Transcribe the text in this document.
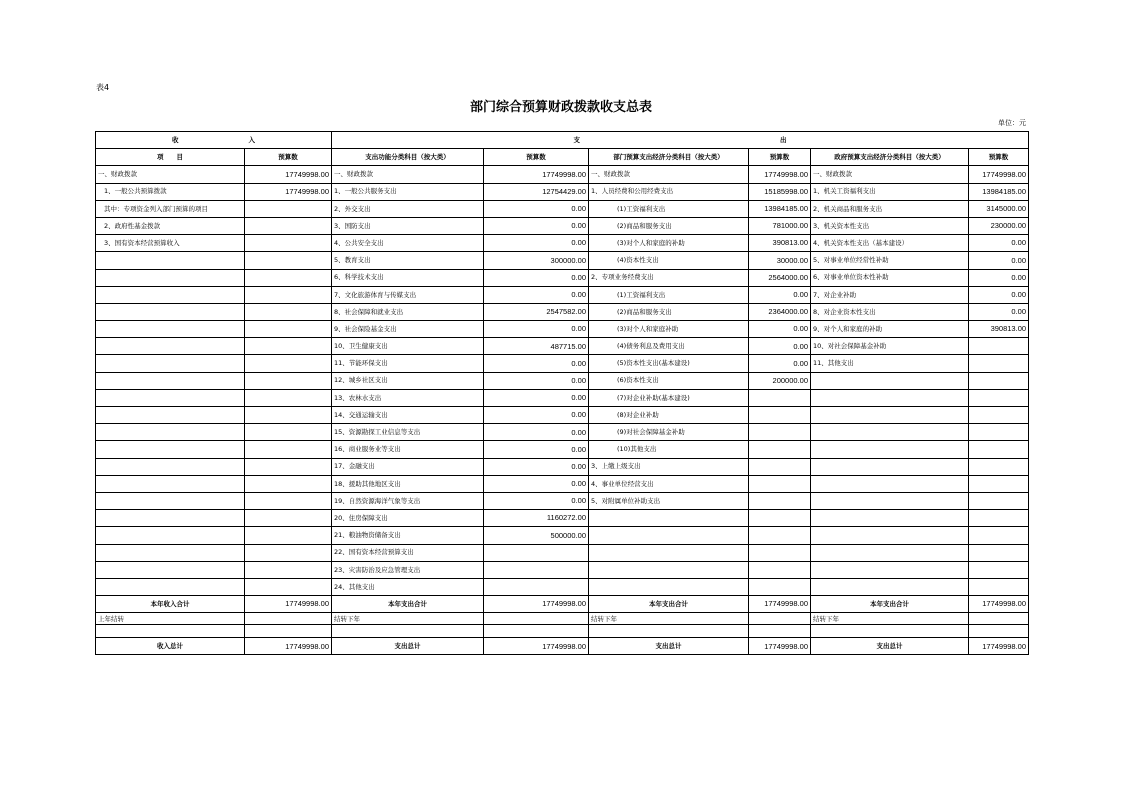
表4
部门综合预算财政拨款收支总表
单位：元
收 入		支 出					
项　　目	预算数	支出功能分类科目（按大类）	预算数	部门预算支出经济分类科目（按大类）	预算数	政府预算支出经济分类科目（按大类）	预算数
一、财政拨款	17749998.00	一、财政拨款	17749998.00	一、财政拨款	17749998.00	一、财政拨款	17749998.00
1、一般公共预算拨款	17749998.00	1、一般公共服务支出	12754429.00	1、人员经费和公用经费支出	15185998.00	1、机关工资福利支出	13984185.00
其中：专项资金列入部门预算的项目		2、外交支出	0.00	(1)工资福利支出	13984185.00	2、机关商品和服务支出	3145000.00
2、政府性基金拨款		3、国防支出	0.00	(2)商品和服务支出	781000.00	3、机关资本性支出	230000.00
3、国有资本经营预算收入		4、公共安全支出	0.00	(3)对个人和家庭的补助	390813.00	4、机关资本性支出（基本建设）	0.00
		5、教育支出	300000.00	(4)资本性支出	30000.00	5、对事业单位经常性补助	0.00
		6、科学技术支出	0.00	2、专项业务经费支出	2564000.00	6、对事业单位资本性补助	0.00
		7、文化旅游体育与传媒支出	0.00	(1)工资福利支出	0.00	7、对企业补助	0.00
		8、社会保障和就业支出	2547582.00	(2)商品和服务支出	2364000.00	8、对企业资本性支出	0.00
		9、社会保险基金支出	0.00	(3)对个人和家庭补助	0.00	9、对个人和家庭的补助	390813.00
		10、卫生健康支出	487715.00	(4)债务利息及费用支出	0.00	10、对社会保障基金补助	
		11、节能环保支出	0.00	(5)资本性支出(基本建设)	0.00	11、其他支出	
		12、城乡社区支出	0.00	(6)资本性支出	200000.00		
		13、农林水支出	0.00	(7)对企业补助(基本建设)			
		14、交通运输支出	0.00	(8)对企业补助			
		15、资源勘探工业信息等支出	0.00	(9)对社会保障基金补助			
		16、商业服务业等支出	0.00	(10)其他支出			
		17、金融支出	0.00	3、上缴上级支出			
		18、援助其他地区支出	0.00	4、事业单位经营支出			
		19、自然资源海洋气象等支出	0.00	5、对附属单位补助支出			
		20、住房保障支出	1160272.00				
		21、粮油物资储备支出	500000.00				
		22、国有资本经营预算支出					
		23、灾害防治及应急管理支出					
		24、其他支出					
本年收入合计	17749998.00	本年支出合计	17749998.00	本年支出合计	17749998.00	本年支出合计	17749998.00
上年结转		结转下年		结转下年		结转下年	

收入总计	17749998.00	支出总计	17749998.00	支出总计	17749998.00	支出总计	17749998.00
